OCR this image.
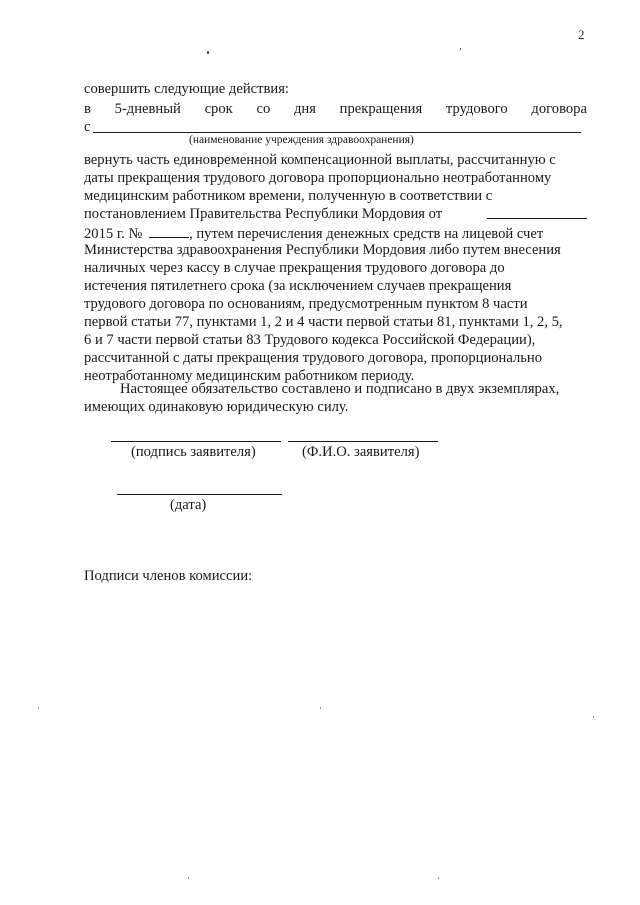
2
совершить следующие действия:
в 5-дневный срок со дня прекращения трудового договора
с
(наименование учреждения здравоохранения)
вернуть часть единовременной компенсационной выплаты, рассчитанную с
даты прекращения трудового договора пропорционально неотработанному
медицинским работником времени, полученную в соответствии с
постановлением Правительства Республики Мордовия от
2015 г. №	, путем перечисления денежных средств на лицевой счет
Министерства здравоохранения Республики Мордовия либо путем внесения
наличных через кассу в случае прекращения трудового договора до
истечения пятилетнего срока (за исключением случаев прекращения
трудового договора по основаниям, предусмотренным пунктом 8 части
первой статьи 77, пунктами 1, 2 и 4 части первой статьи 81, пунктами 1, 2, 5,
6 и 7 части первой статьи 83 Трудового кодекса Российской Федерации),
рассчитанной с даты прекращения трудового договора, пропорционально
неотработанному медицинским работником периоду.
Настоящее обязательство составлено и подписано в двух экземплярах,
имеющих одинаковую юридическую силу.
(подпись заявителя)	(Ф.И.О. заявителя)
(дата)
Подписи членов комиссии:
